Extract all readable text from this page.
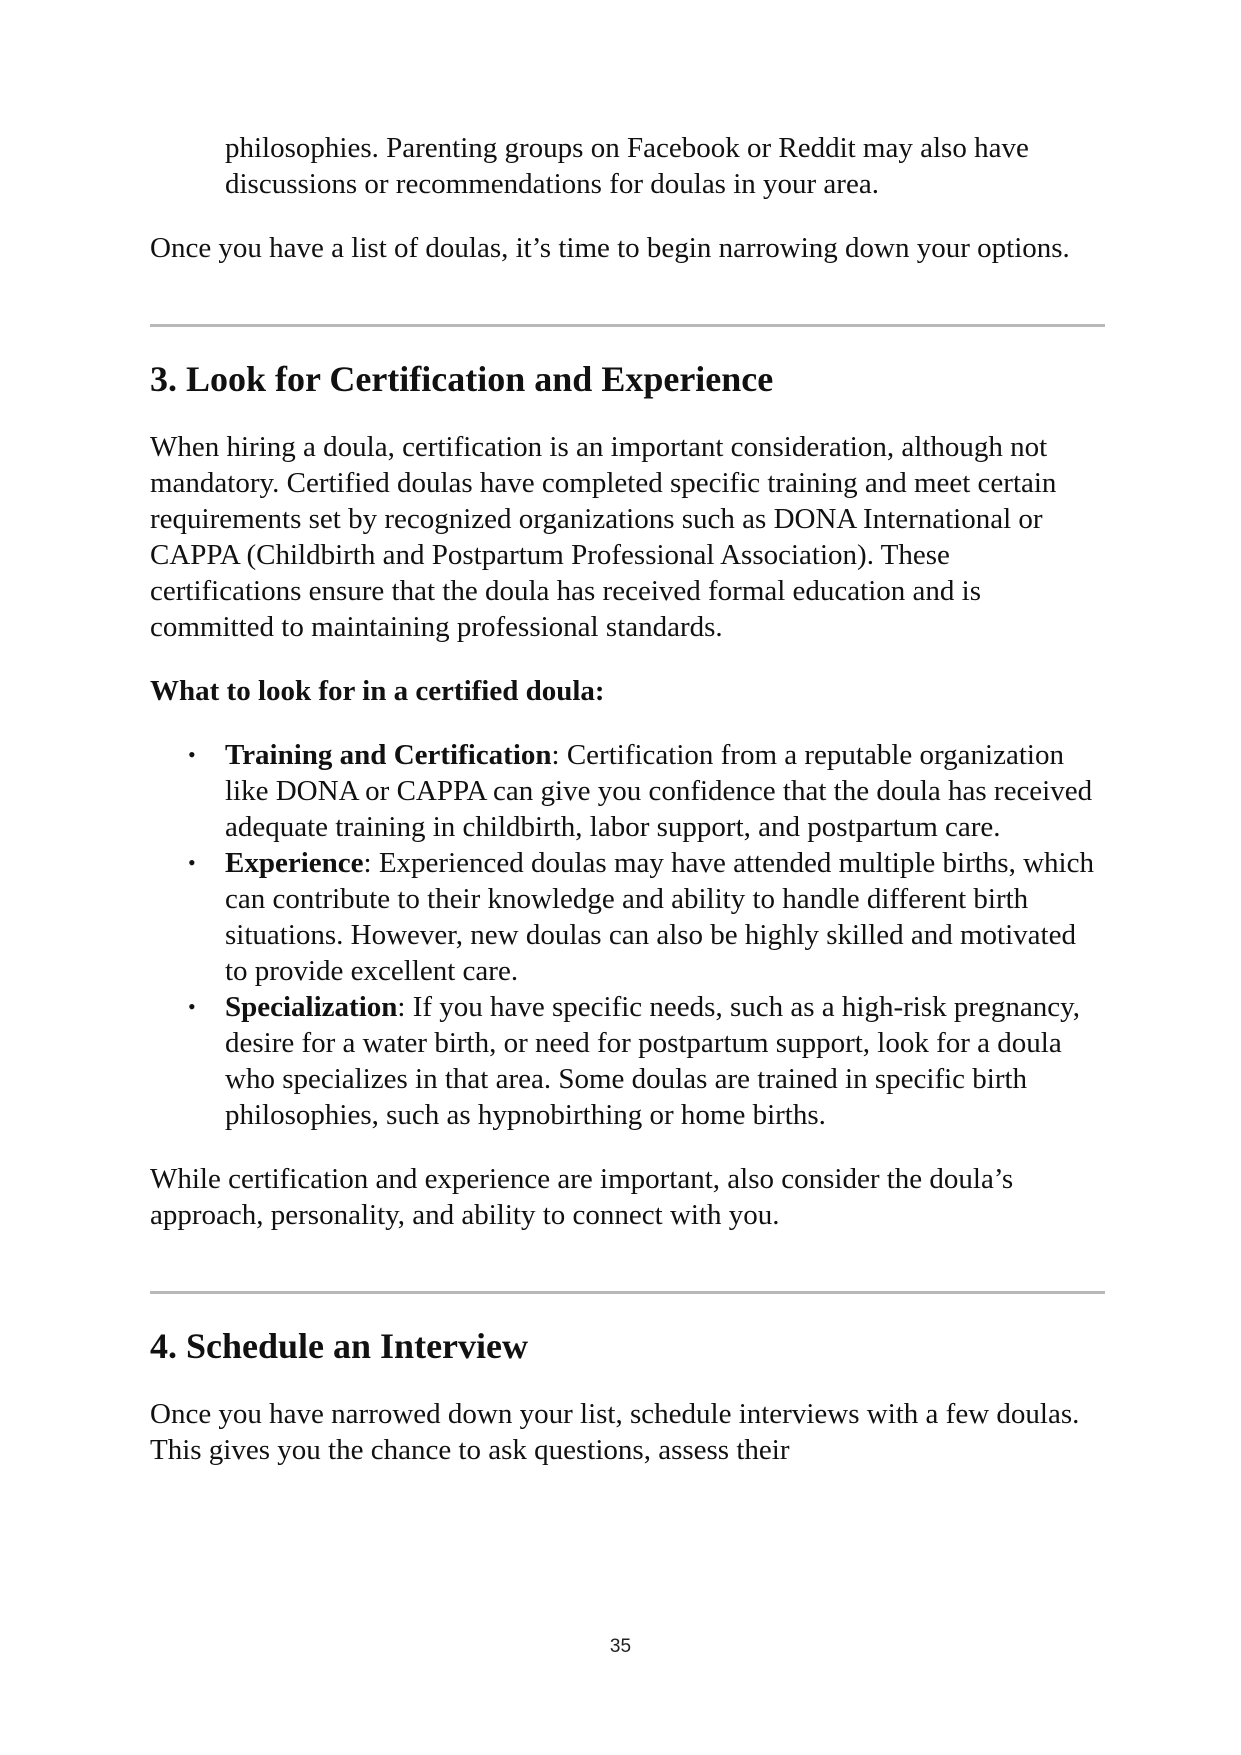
philosophies. Parenting groups on Facebook or Reddit may also have discussions or recommendations for doulas in your area.

Once you have a list of doulas, it’s time to begin narrowing down your options.

3. Look for Certification and Experience

When hiring a doula, certification is an important consideration, although not mandatory. Certified doulas have completed specific training and meet certain requirements set by recognized organizations such as DONA International or CAPPA (Childbirth and Postpartum Professional Association). These certifications ensure that the doula has received formal education and is committed to maintaining professional standards.

What to look for in a certified doula:

• Training and Certification: Certification from a reputable organization like DONA or CAPPA can give you confidence that the doula has received adequate training in childbirth, labor support, and postpartum care.
• Experience: Experienced doulas may have attended multiple births, which can contribute to their knowledge and ability to handle different birth situations. However, new doulas can also be highly skilled and motivated to provide excellent care.
• Specialization: If you have specific needs, such as a high-risk pregnancy, desire for a water birth, or need for postpartum support, look for a doula who specializes in that area. Some doulas are trained in specific birth philosophies, such as hypnobirthing or home births.

While certification and experience are important, also consider the doula’s approach, personality, and ability to connect with you.

4. Schedule an Interview

Once you have narrowed down your list, schedule interviews with a few doulas. This gives you the chance to ask questions, assess their

35
